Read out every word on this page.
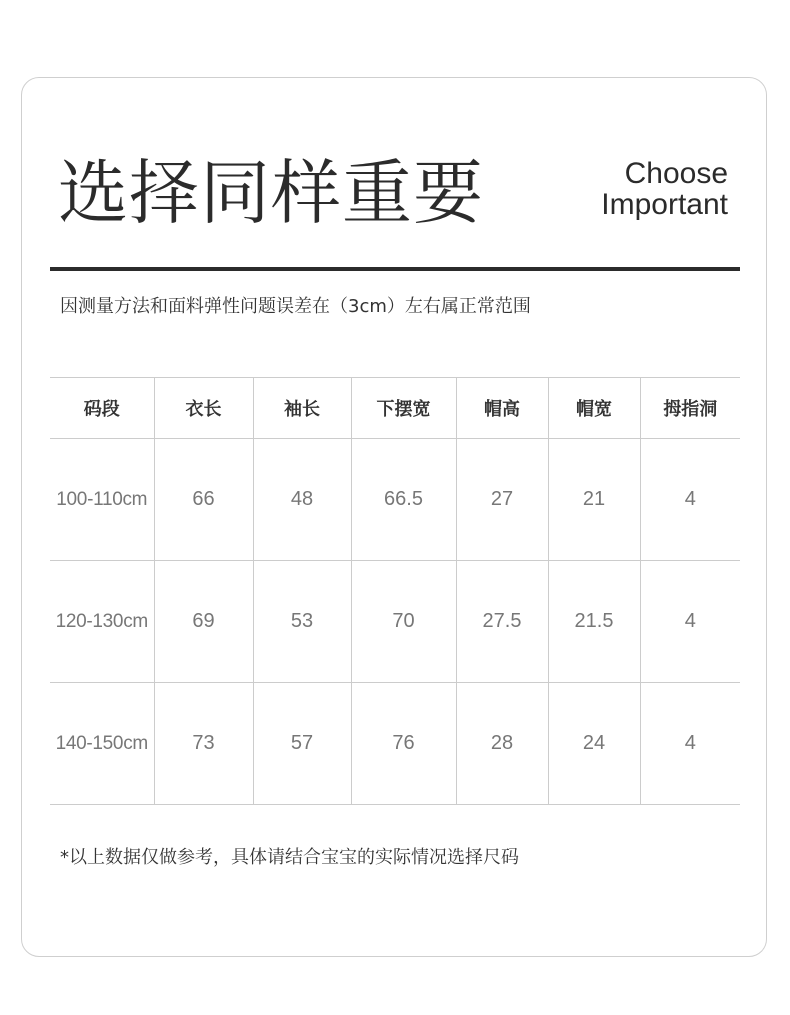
选择同样重要	Choose
Important
因测量方法和面料弹性问题误差在（3cm）左右属正常范围
码段	衣长	袖长	下摆宽	帽高	帽宽	拇指洞
100-110cm	66	48	66.5	27	21	4
120-130cm	69	53	70	27.5	21.5	4
140-150cm	73	57	76	28	24	4
*以上数据仅做参考，具体请结合宝宝的实际情况选择尺码
